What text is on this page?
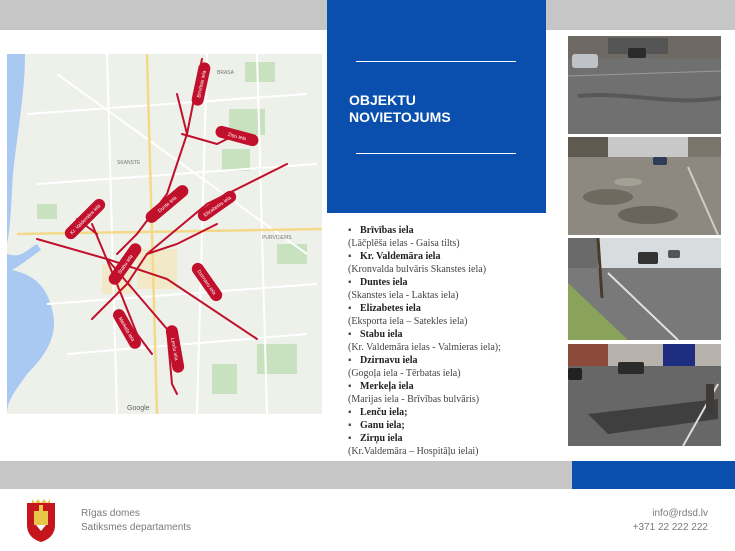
OBJEKTU
NOVIETOJUMS
Brīvības iela
Ziņu iela
Kr. Valdemāra iela	Dunte iela	Elizabetes iela
Stabu iela
Dzirnavu iela
Merkeļa iela
Lenču iela
SKANSTE
PURVCIEMS
BRASA
Google
▪ Brīvības iela
(Lāčplēša ielas - Gaisa tilts)
▪ Kr. Valdemāra iela
(Kronvalda bulvāris Skanstes iela)
▪ Duntes iela
(Skanstes iela - Laktas iela)
▪ Elizabetes iela
(Eksporta iela – Satekles iela)
▪ Stabu iela
(Kr. Valdemāra ielas - Valmieras iela);
▪ Dzirnavu iela
(Gogoļa iela - Tērbatas iela)
▪ Merkeļa iela
(Marijas iela - Brīvības bulvāris)
▪ Lenču iela;
▪ Ganu iela;
▪ Zirņu iela
(Kr.Valdemāra – Hospitāļu ielai)
Rīgas domes
Satiksmes departaments
info@rdsd.lv
+371 22 222 222
